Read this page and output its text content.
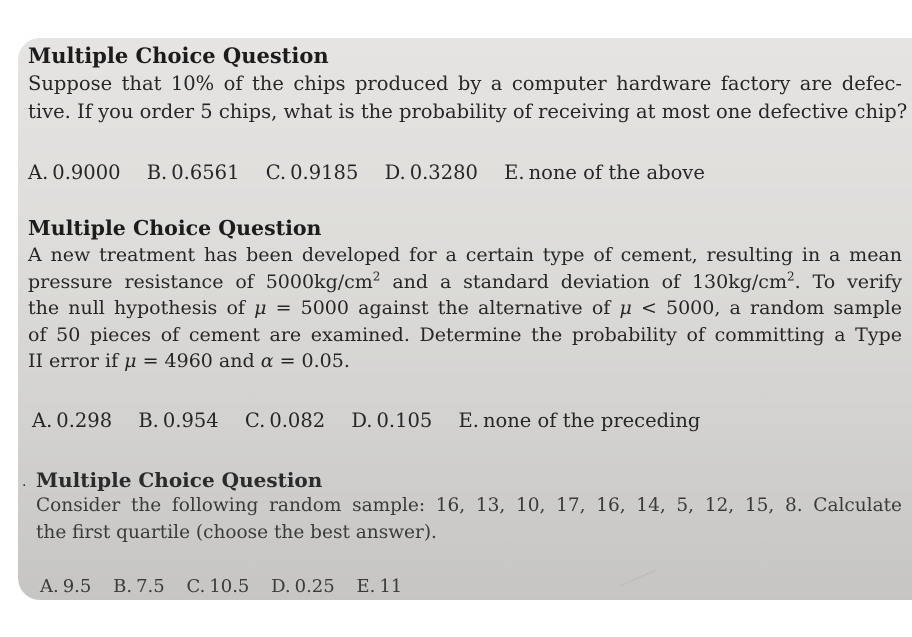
Multiple Choice Question
Suppose that 10% of the chips produced by a computer hardware factory are defec-
tive. If you order 5 chips, what is the probability of receiving at most one defective chip?
A. 0.9000 B. 0.6561 C. 0.9185 D. 0.3280 E. none of the above
Multiple Choice Question
A new treatment has been developed for a certain type of cement, resulting in a mean
pressure resistance of $5000kg/cm^2$ and a standard deviation of $130kg/cm^2$. To verify
the null hypothesis of μ = 5000 against the alternative of μ < 5000, a random sample
of 50 pieces of cement are examined. Determine the probability of committing a Type
II error if μ = 4960 and α = 0.05.
A. 0.298 B. 0.954 C. 0.082 D. 0.105 E. none of the preceding
. Multiple Choice Question
Consider the following random sample: 16, 13, 10, 17, 16, 14, 5, 12, 15, 8. Calculate
the first quartile (choose the best answer).
A. 9.5 B. 7.5 C. 10.5 D. 0.25 E. 11
